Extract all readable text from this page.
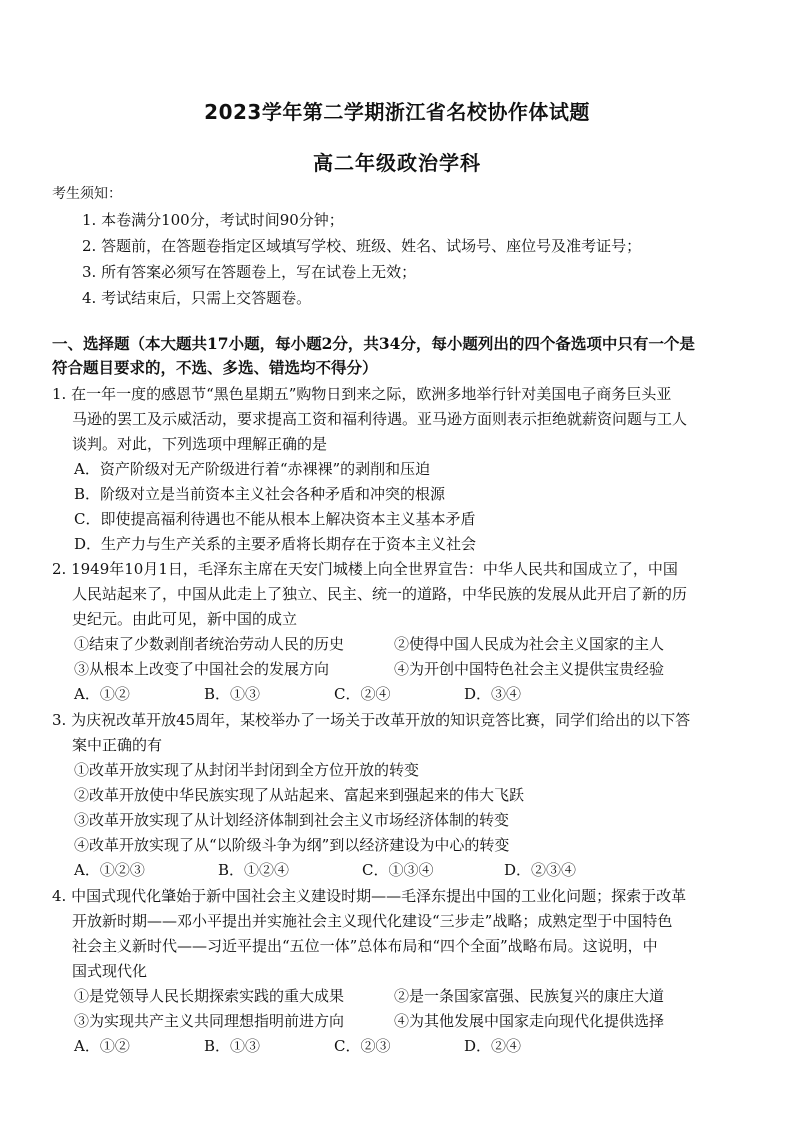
2023学年第二学期浙江省名校协作体试题
高二年级政治学科
考生须知：
1. 本卷满分100分，考试时间90分钟；
2. 答题前，在答题卷指定区域填写学校、班级、姓名、试场号、座位号及准考证号；
3. 所有答案必须写在答题卷上，写在试卷上无效；
4. 考试结束后，只需上交答题卷。
一、选择题（本大题共17小题，每小题2分，共34分，每小题列出的四个备选项中只有一个是
符合题目要求的，不选、多选、错选均不得分）
1. 在一年一度的感恩节“黑色星期五”购物日到来之际，欧洲多地举行针对美国电子商务巨头亚
马逊的罢工及示威活动，要求提高工资和福利待遇。亚马逊方面则表示拒绝就薪资问题与工人
谈判。对此，下列选项中理解正确的是
A．资产阶级对无产阶级进行着“赤裸裸”的剥削和压迫
B．阶级对立是当前资本主义社会各种矛盾和冲突的根源
C．即使提高福利待遇也不能从根本上解决资本主义基本矛盾
D．生产力与生产关系的主要矛盾将长期存在于资本主义社会
2. 1949年10月1日，毛泽东主席在天安门城楼上向全世界宣告：中华人民共和国成立了，中国
人民站起来了，中国从此走上了独立、民主、统一的道路，中华民族的发展从此开启了新的历
史纪元。由此可见，新中国的成立
①结束了少数剥削者统治劳动人民的历史	②使得中国人民成为社会主义国家的主人
③从根本上改变了中国社会的发展方向	④为开创中国特色社会主义提供宝贵经验
A．①②	B．①③	C．②④	D．③④
3. 为庆祝改革开放45周年，某校举办了一场关于改革开放的知识竞答比赛，同学们给出的以下答
案中正确的有
①改革开放实现了从封闭半封闭到全方位开放的转变
②改革开放使中华民族实现了从站起来、富起来到强起来的伟大飞跃
③改革开放实现了从计划经济体制到社会主义市场经济体制的转变
④改革开放实现了从“以阶级斗争为纲”到以经济建设为中心的转变
A．①②③	B．①②④	C．①③④	D．②③④
4. 中国式现代化肇始于新中国社会主义建设时期——毛泽东提出中国的工业化问题；探索于改革
开放新时期——邓小平提出并实施社会主义现代化建设“三步走”战略；成熟定型于中国特色
社会主义新时代——习近平提出“五位一体”总体布局和“四个全面”战略布局。这说明，中
国式现代化
①是党领导人民长期探索实践的重大成果	②是一条国家富强、民族复兴的康庄大道
③为实现共产主义共同理想指明前进方向	④为其他发展中国家走向现代化提供选择
A．①②	B．①③	C．②③	D．②④
